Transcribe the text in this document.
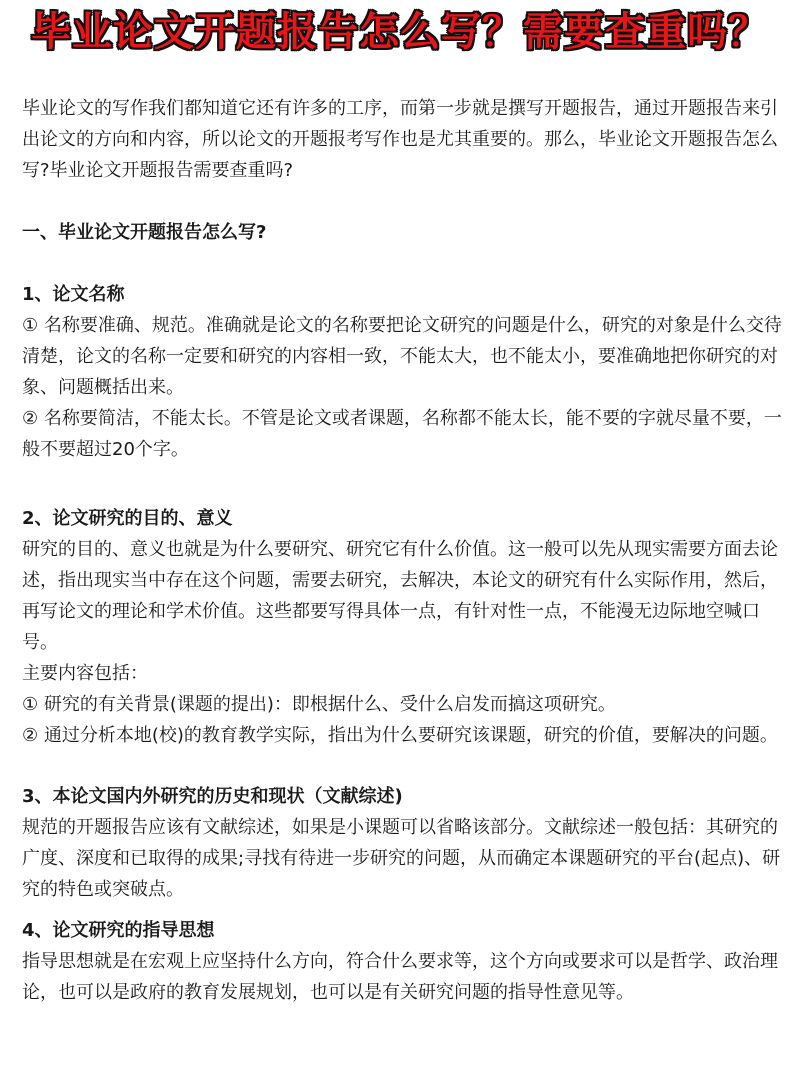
毕业论文开题报告怎么写？需要查重吗？

毕业论文的写作我们都知道它还有许多的工序，而第一步就是撰写开题报告，通过开题报告来引出论文的方向和内容，所以论文的开题报考写作也是尤其重要的。那么，毕业论文开题报告怎么写?毕业论文开题报告需要查重吗?

一、毕业论文开题报告怎么写?

1、论文名称

① 名称要准确、规范。准确就是论文的名称要把论文研究的问题是什么，研究的对象是什么交待清楚，论文的名称一定要和研究的内容相一致，不能太大，也不能太小，要准确地把你研究的对象、问题概括出来。

② 名称要简洁，不能太长。不管是论文或者课题，名称都不能太长，能不要的字就尽量不要，一般不要超过20个字。

2、论文研究的目的、意义

研究的目的、意义也就是为什么要研究、研究它有什么价值。这一般可以先从现实需要方面去论述，指出现实当中存在这个问题，需要去研究，去解决，本论文的研究有什么实际作用，然后，再写论文的理论和学术价值。这些都要写得具体一点，有针对性一点，不能漫无边际地空喊口号。

主要内容包括：

① 研究的有关背景(课题的提出)：即根据什么、受什么启发而搞这项研究。

② 通过分析本地(校)的教育教学实际，指出为什么要研究该课题，研究的价值，要解决的问题。

3、本论文国内外研究的历史和现状（文献综述)

规范的开题报告应该有文献综述，如果是小课题可以省略该部分。文献综述一般包括：其研究的广度、深度和已取得的成果;寻找有待进一步研究的问题，从而确定本课题研究的平台(起点)、研究的特色或突破点。

4、论文研究的指导思想

指导思想就是在宏观上应坚持什么方向，符合什么要求等，这个方向或要求可以是哲学、政治理论，也可以是政府的教育发展规划，也可以是有关研究问题的指导性意见等。
